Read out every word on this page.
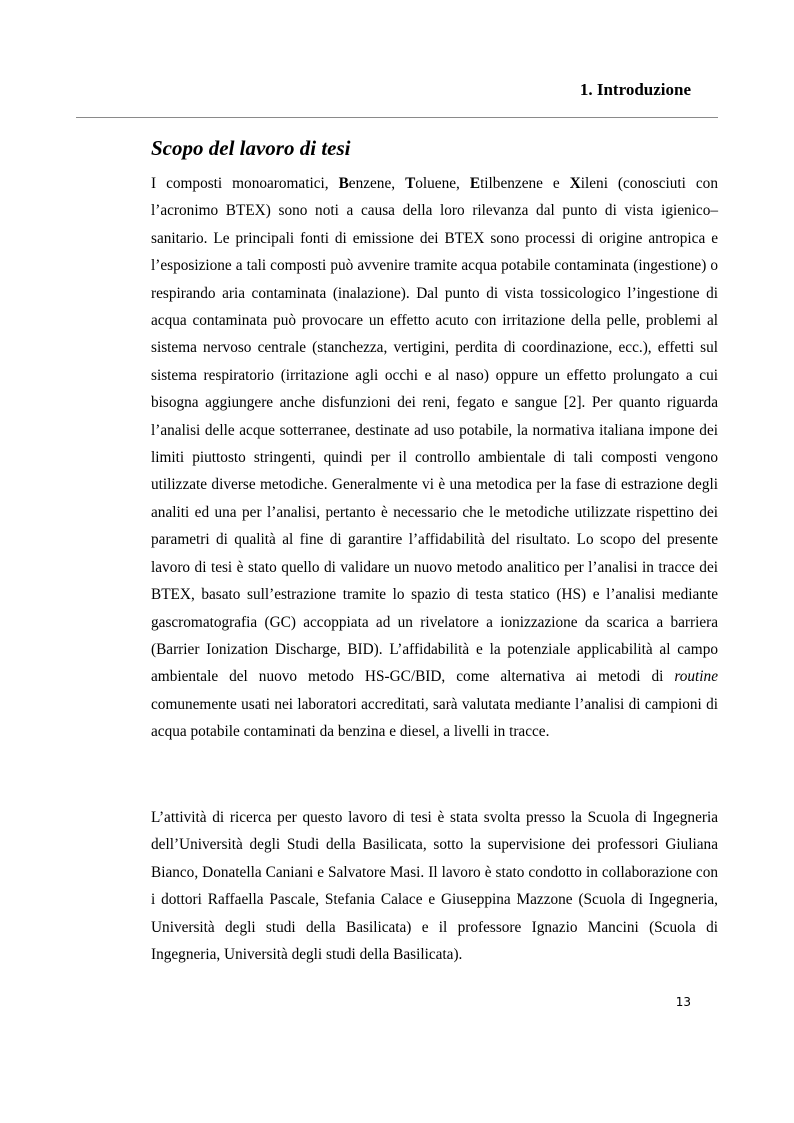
1. Introduzione
Scopo del lavoro di tesi

I composti monoaromatici, Benzene, Toluene, Etilbenzene e Xileni (conosciuti con l’acronimo BTEX) sono noti a causa della loro rilevanza dal punto di vista igienico–sanitario. Le principali fonti di emissione dei BTEX sono processi di origine antropica e l’esposizione a tali composti può avvenire tramite acqua potabile contaminata (ingestione) o respirando aria contaminata (inalazione). Dal punto di vista tossicologico l’ingestione di acqua contaminata può provocare un effetto acuto con irritazione della pelle, problemi al sistema nervoso centrale (stanchezza, vertigini, perdita di coordinazione, ecc.), effetti sul sistema respiratorio (irritazione agli occhi e al naso) oppure un effetto prolungato a cui bisogna aggiungere anche disfunzioni dei reni, fegato e sangue [2]. Per quanto riguarda l’analisi delle acque sotterranee, destinate ad uso potabile, la normativa italiana impone dei limiti piuttosto stringenti, quindi per il controllo ambientale di tali composti vengono utilizzate diverse metodiche. Generalmente vi è una metodica per la fase di estrazione degli analiti ed una per l’analisi, pertanto è necessario che le metodiche utilizzate rispettino dei parametri di qualità al fine di garantire l’affidabilità del risultato. Lo scopo del presente lavoro di tesi è stato quello di validare un nuovo metodo analitico per l’analisi in tracce dei BTEX, basato sull’estrazione tramite lo spazio di testa statico (HS) e l’analisi mediante gascromatografia (GC) accoppiata ad un rivelatore a ionizzazione da scarica a barriera (Barrier Ionization Discharge, BID). L’affidabilità e la potenziale applicabilità al campo ambientale del nuovo metodo HS-GC/BID, come alternativa ai metodi di routine comunemente usati nei laboratori accreditati, sarà valutata mediante l’analisi di campioni di acqua potabile contaminati da benzina e diesel, a livelli in tracce.

L’attività di ricerca per questo lavoro di tesi è stata svolta presso la Scuola di Ingegneria dell’Università degli Studi della Basilicata, sotto la supervisione dei professori Giuliana Bianco, Donatella Caniani e Salvatore Masi. Il lavoro è stato condotto in collaborazione con i dottori Raffaella Pascale, Stefania Calace e Giuseppina Mazzone (Scuola di Ingegneria, Università degli studi della Basilicata) e il professore Ignazio Mancini (Scuola di Ingegneria, Università degli studi della Basilicata).

13
